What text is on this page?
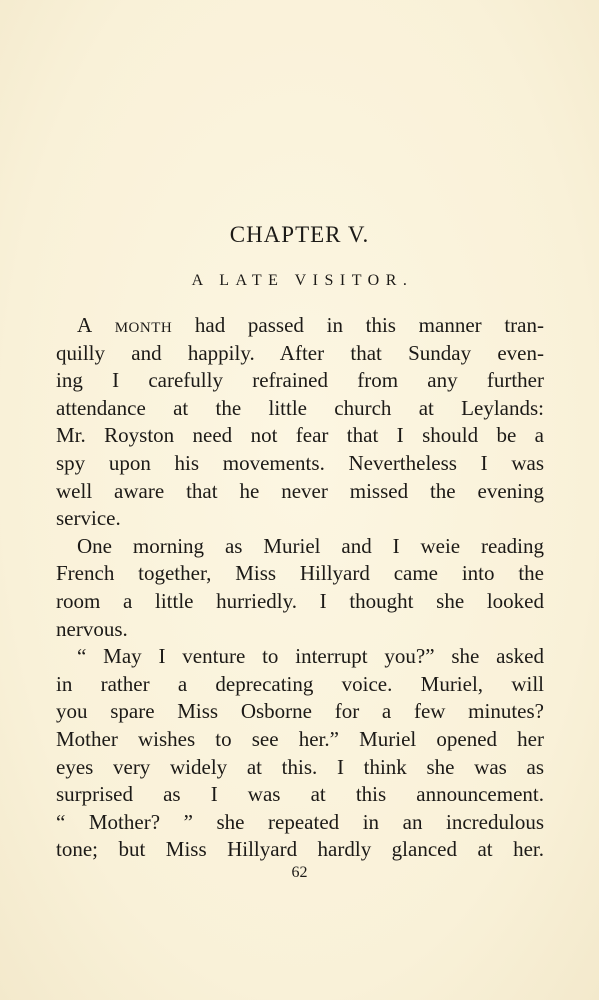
CHAPTER V.
A LATE VISITOR.
A month had passed in this manner tran-
quilly and happily. After that Sunday even-
ing I carefully refrained from any further
attendance at the little church at Leylands:
Mr. Royston need not fear that I should be a
spy upon his movements. Nevertheless I was
well aware that he never missed the evening
service.
One morning as Muriel and I weie reading
French together, Miss Hillyard came into the
room a little hurriedly. I thought she looked
nervous.
“ May I venture to interrupt you?” she asked
in rather a deprecating voice. Muriel, will
you spare Miss Osborne for a few minutes?
Mother wishes to see her.” Muriel opened her
eyes very widely at this. I think she was as
surprised as I was at this announcement.
“ Mother? ” she repeated in an incredulous
tone; but Miss Hillyard hardly glanced at her.
62
